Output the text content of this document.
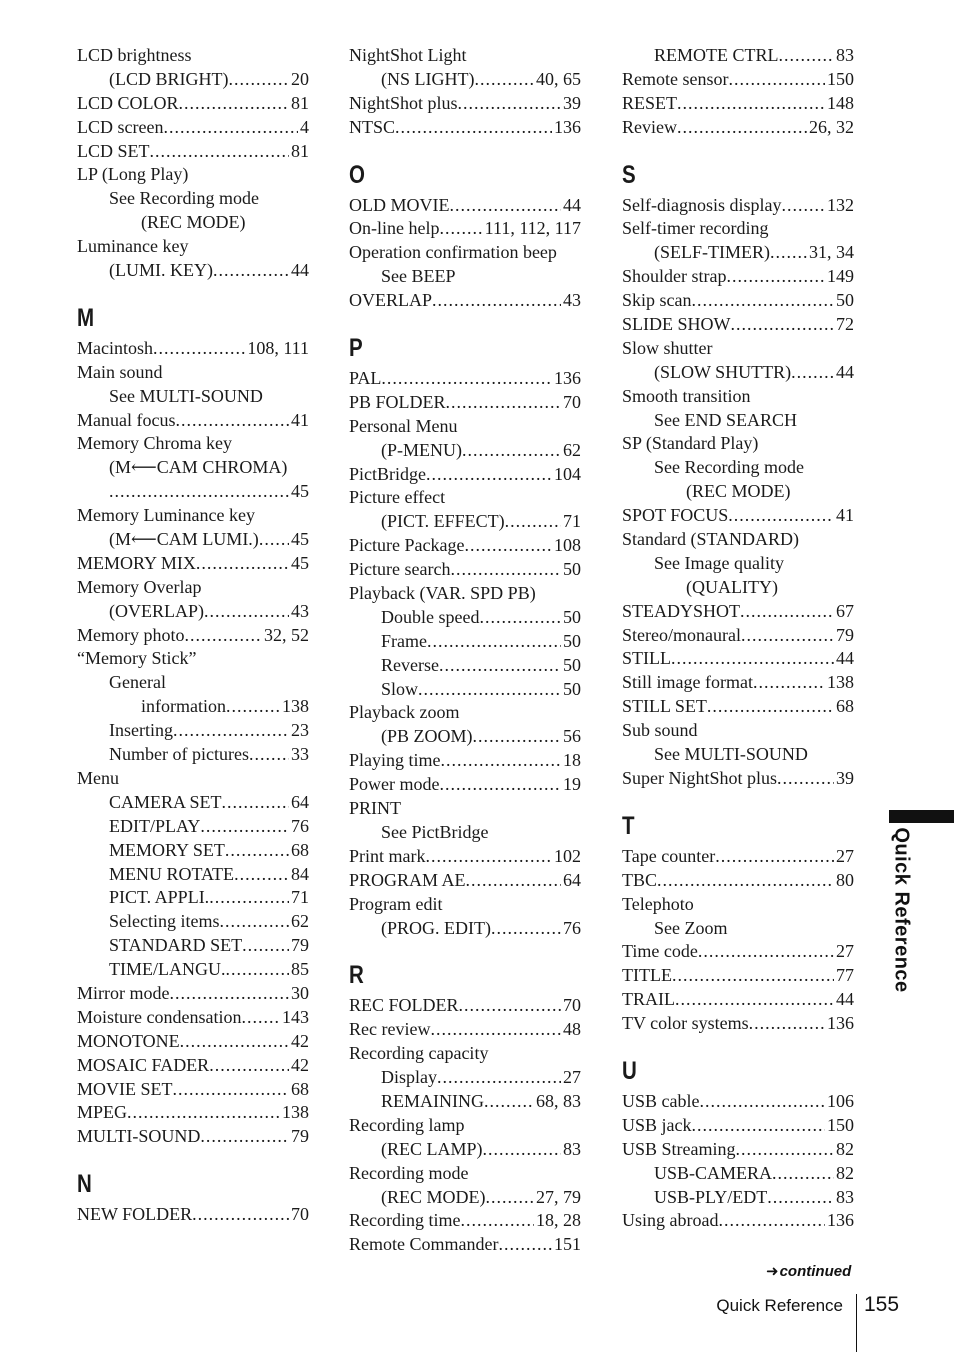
LCD brightness
(LCD BRIGHT) .....	20
LCD COLOR .....	81
LCD screen .....	4
LCD SET .....	81
LP (Long Play)
See Recording mode
(REC MODE)
Luminance key
(LUMI. KEY) .....	44
M
Macintosh .....	108, 111
Main sound
See MULTI-SOUND
Manual focus .....	41
Memory Chroma key
(M⟵CAM CHROMA)
.....
45
Memory Luminance key
(M⟵CAM LUMI.) ..... 45
MEMORY MIX .....	45
Memory Overlap
(OVERLAP) .....	43
Memory photo .....	32, 52
“Memory Stick”
General
information .....	138
Inserting .....	23
Number of pictures ..... 33
Menu
CAMERA SET .....	64
EDIT/PLAY .....	76
MEMORY SET .....	68
MENU ROTATE .....	84
PICT. APPLI. .....	71
Selecting items .....	62
STANDARD SET .....	79
TIME/LANGU. .....	85
Mirror mode .....	30
Moisture condensation ..... 143
MONOTONE .....	42
MOSAIC FADER .....	42
MOVIE SET .....	68
MPEG .....	138
MULTI-SOUND .....	79
N
NEW FOLDER .....	70
NightShot Light
(NS LIGHT) .....	40, 65
NightShot plus .....	39
NTSC .....	136
O
OLD MOVIE .....	44
On-line help .....	111, 112, 117
Operation confirmation beep
See BEEP
OVERLAP .....	43
P
PAL .....	136
PB FOLDER .....	70
Personal Menu
(P-MENU) .....	62
PictBridge .....	104
Picture effect
(PICT. EFFECT) .....	71
Picture Package .....	108
Picture search .....	50
Playback (VAR. SPD PB)
Double speed .....	50
Frame .....	50
Reverse .....	50
Slow .....	50
Playback zoom
(PB ZOOM) .....	56
Playing time .....	18
Power mode .....	19
PRINT
See PictBridge
Print mark .....	102
PROGRAM AE .....	64
Program edit
(PROG. EDIT) .....	76
R
REC FOLDER .....	70
Rec review .....	48
Recording capacity
Display .....	27
REMAINING .....	68, 83
Recording lamp
(REC LAMP) .....	83
Recording mode
(REC MODE) .....	27, 79
Recording time .....	18, 28
Remote Commander .....	151
REMOTE CTRL .....	83
Remote sensor .....	150
RESET .....	148
Review .....	26, 32
S
Self-diagnosis display .....	132
Self-timer recording
(SELF-TIMER) ..... 31, 34
Shoulder strap .....	149
Skip scan .....	50
SLIDE SHOW .....	72
Slow shutter
(SLOW SHUTTR) ..... 44
Smooth transition
See END SEARCH
SP (Standard Play)
See Recording mode
(REC MODE)
SPOT FOCUS .....	41
Standard (STANDARD)
See Image quality
(QUALITY)
STEADYSHOT .....	67
Stereo/monaural .....	79
STILL .....	44
Still image format .....	138
STILL SET .....	68
Sub sound
See MULTI-SOUND
Super NightShot plus .....	39
T
Tape counter .....	27
TBC .....	80
Telephoto
See Zoom
Time code .....	27
TITLE .....	77
TRAIL .....	44
TV color systems .....	136
U
USB cable .....	106
USB jack .....	150
USB Streaming .....	82
USB-CAMERA .....	82
USB-PLY/EDT .....	83
Using abroad .....	136
Quick Reference
➜continued
Quick Reference 155
